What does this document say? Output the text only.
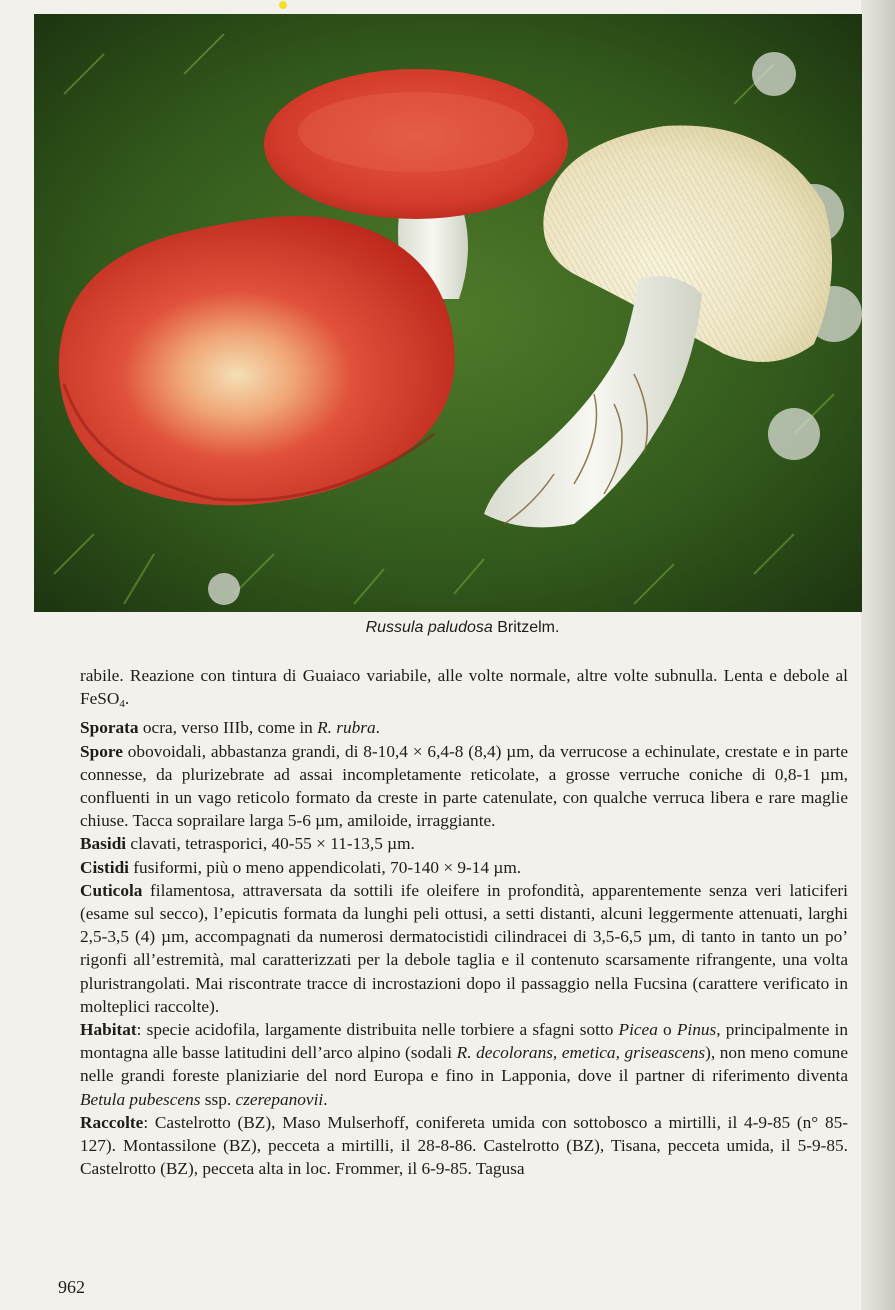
Russula paludosa Britzelm.

rabile. Reazione con tintura di Guaiaco variabile, alle volte normale, altre volte subnulla. Lenta e debole al FeSO$_4$.

Sporata ocra, verso IIIb, come in R. rubra.

Spore obovoidali, abbastanza grandi, di 8-10,4 × 6,4-8 (8,4) µm, da verrucose a echinulate, crestate e in parte connesse, da plurizebrate ad assai incompletamente reticolate, a grosse verruche coniche di 0,8-1 µm, confluenti in un vago reticolo formato da creste in parte catenulate, con qualche verruca libera e rare maglie chiuse. Tacca soprailare larga 5-6 µm, amiloide, irraggiante.

Basidi clavati, tetrasporici, 40-55 × 11-13,5 µm.

Cistidi fusiformi, più o meno appendicolati, 70-140 × 9-14 µm.

Cuticola filamentosa, attraversata da sottili ife oleifere in profondità, apparentemente senza veri laticiferi (esame sul secco), l’epicutis formata da lunghi peli ottusi, a setti distanti, alcuni leggermente attenuati, larghi 2,5-3,5 (4) µm, accompagnati da numerosi dermatocistidi cilindracei di 3,5-6,5 µm, di tanto in tanto un po’ rigonfi all’estremità, mal caratterizzati per la debole taglia e il contenuto scarsamente rifrangente, una volta pluristrangolati. Mai riscontrate tracce di incrostazioni dopo il passaggio nella Fucsina (carattere verificato in molteplici raccolte).

Habitat: specie acidofila, largamente distribuita nelle torbiere a sfagni sotto Picea o Pinus, principalmente in montagna alle basse latitudini dell’arco alpino (sodali R. decolorans, emetica, griseascens), non meno comune nelle grandi foreste planiziarie del nord Europa e fino in Lapponia, dove il partner di riferimento diventa Betula pubescens ssp. czerepanovii.

Raccolte: Castelrotto (BZ), Maso Mulserhoff, conifereta umida con sottobosco a mirtilli, il 4-9-85 (n° 85-127). Montassilone (BZ), pecceta a mirtilli, il 28-8-86. Castelrotto (BZ), Tisana, pecceta umida, il 5-9-85. Castelrotto (BZ), pecceta alta in loc. Frommer, il 6-9-85. Tagusa

962
